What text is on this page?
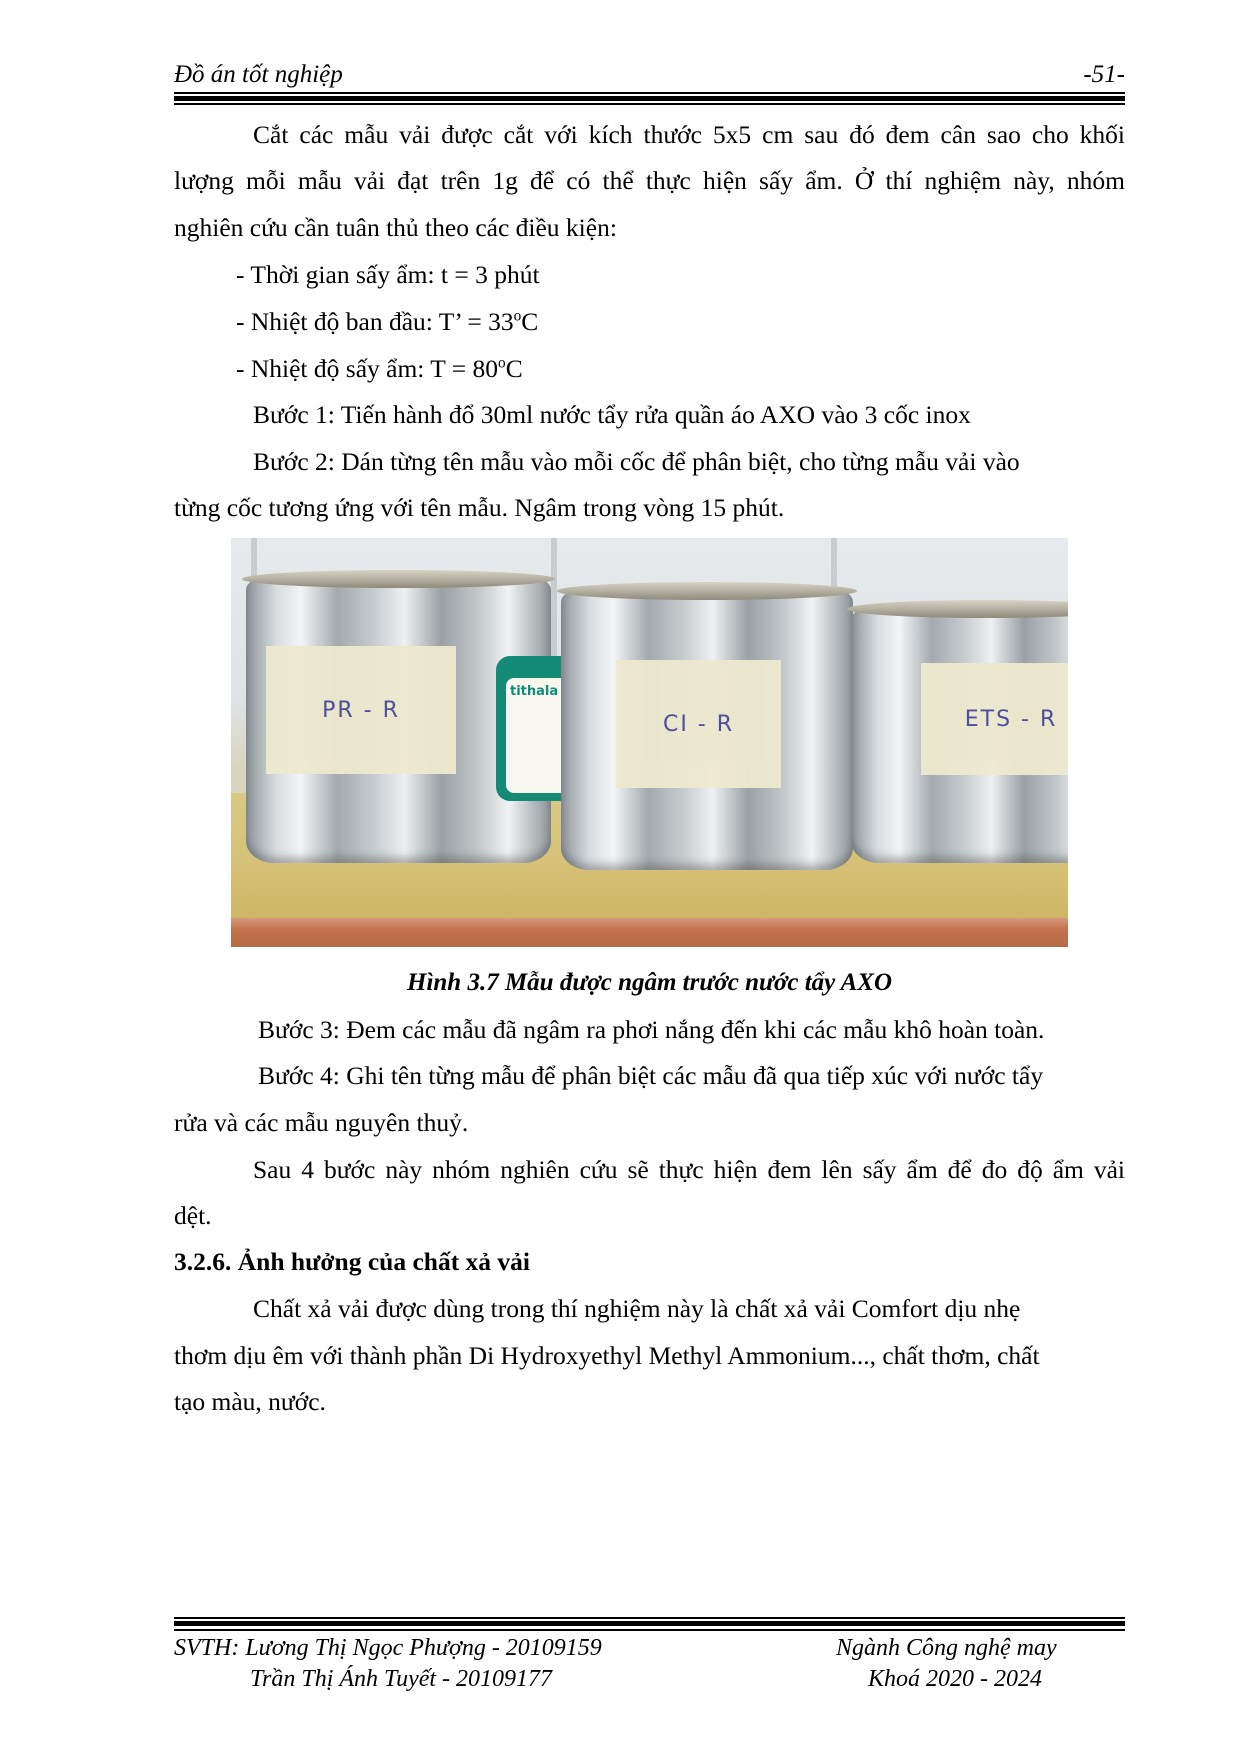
Đồ án tốt nghiệp	-51-
Cắt các mẫu vải được cắt với kích thước 5x5 cm sau đó đem cân sao cho khối
lượng mỗi mẫu vải đạt trên 1g để có thể thực hiện sấy ẩm. Ở thí nghiệm này, nhóm
nghiên cứu cần tuân thủ theo các điều kiện:
- Thời gian sấy ẩm: t = 3 phút
- Nhiệt độ ban đầu: T’ = $33^oC$
- Nhiệt độ sấy ẩm: $T = 80^oC$
Bước 1: Tiến hành đổ 30ml nước tẩy rửa quần áo AXO vào 3 cốc inox
Bước 2: Dán từng tên mẫu vào mỗi cốc để phân biệt, cho từng mẫu vải vào
từng cốc tương ứng với tên mẫu. Ngâm trong vòng 15 phút.
PR - R
tithala
CI - R	ETS - R
Hình 3.7 Mẫu được ngâm trước nước tẩy AXO
Bước 3: Đem các mẫu đã ngâm ra phơi nắng đến khi các mẫu khô hoàn toàn.
Bước 4: Ghi tên từng mẫu để phân biệt các mẫu đã qua tiếp xúc với nước tẩy
rửa và các mẫu nguyên thuỷ.
Sau 4 bước này nhóm nghiên cứu sẽ thực hiện đem lên sấy ẩm để đo độ ẩm vải
dệt.
3.2.6. Ảnh hưởng của chất xả vải
Chất xả vải được dùng trong thí nghiệm này là chất xả vải Comfort dịu nhẹ
thơm dịu êm với thành phần Di Hydroxyethyl Methyl Ammonium..., chất thơm, chất
tạo màu, nước.
SVTH: Lương Thị Ngọc Phượng - 20109159
Trần Thị Ánh Tuyết - 20109177
Ngành Công nghệ may
Khoá 2020 - 2024
